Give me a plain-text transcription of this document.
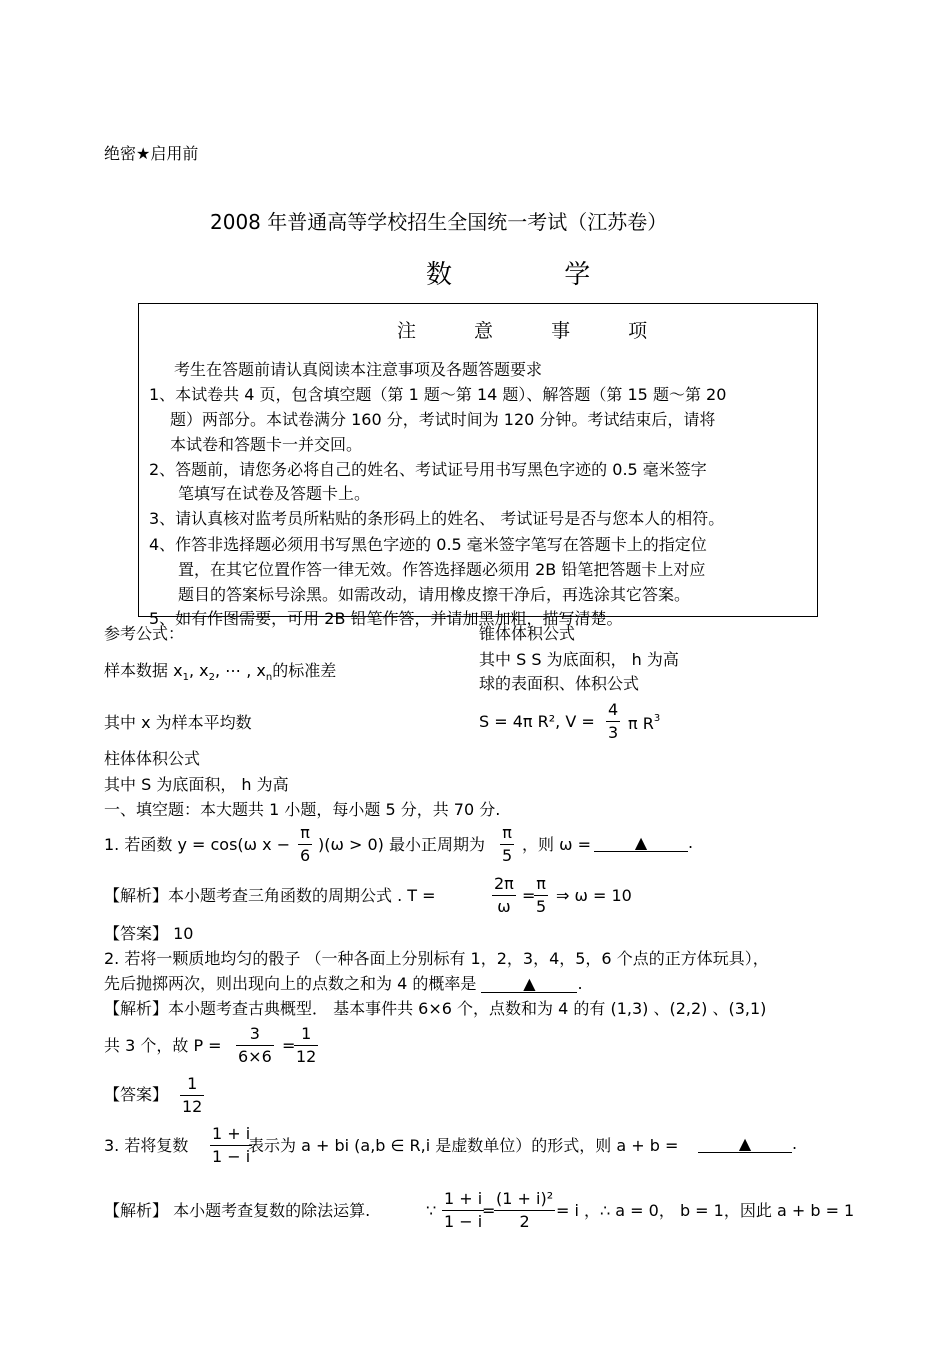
绝密★启用前
2008 年普通高等学校招生全国统一考试（江苏卷）
数 学
注 意 事 项
考生在答题前请认真阅读本注意事项及各题答题要求
1、本试卷共 4 页，包含填空题（第 1 题～第 14 题）、解答题（第 15 题～第 20
题）两部分。本试卷满分 160 分，考试时间为 120 分钟。考试结束后，请将
本试卷和答题卡一并交回。
2、答题前，请您务必将自己的姓名、考试证号用书写黑色字迹的 0.5 毫米签字
笔填写在试卷及答题卡上。
3、请认真核对监考员所粘贴的条形码上的姓名、 考试证号是否与您本人的相符。
4、作答非选择题必须用书写黑色字迹的 0.5 毫米签字笔写在答题卡上的指定位
置，在其它位置作答一律无效。作答选择题必须用 2B 铅笔把答题卡上对应
题目的答案标号涂黑。如需改动，请用橡皮擦干净后，再选涂其它答案。
5、如有作图需要，可用 2B 铅笔作答，并请加黑加粗，描写清楚。
参考公式：
样本数据 $x_1$, $x_2$, ⋯ , $x_n$的标准差
其中 x 为样本平均数
柱体体积公式
其中 S 为底面积， h 为高
锥体体积公式
其中 S S 为底面积， h 为高
球的表面积、体积公式
S = 4π R², V =
4
3 π $R^3$
一、填空题：本大题共 1 小题，每小题 5 分，共 70 分.
1. 若函数 y = cos(ω x −
π
6
)(ω > 0) 最小正周期为
π
5
，则 ω =	▲	.
【解析】本小题考查三角函数的周期公式 . T =
2π
ω
=
π
5
⇒ ω = 10
【答案】 10
2. 若将一颗质地均匀的骰子 （一种各面上分别标有 1，2，3，4，5，6 个点的正方体玩具），
先后抛掷两次，则出现向上的点数之和为 4 的概率是	▲	.
【解析】本小题考查古典概型． 基本事件共 6×6 个，点数和为 4 的有 (1,3) 、(2,2) 、(3,1)
共 3 个，故 P =
3
6×6
=
1
12
【答案】
1
12
3. 若将复数
1 + i
1 − i
表示为 a + bi (a,b ∈ R,i 是虚数单位）的形式，则 a + b =	▲	.
【解析】 本小题考查复数的除法运算.	∵
1 + i
1 − i
=
(1 + i)²
2
= i ，∴ a = 0， b = 1，因此 a + b = 1
